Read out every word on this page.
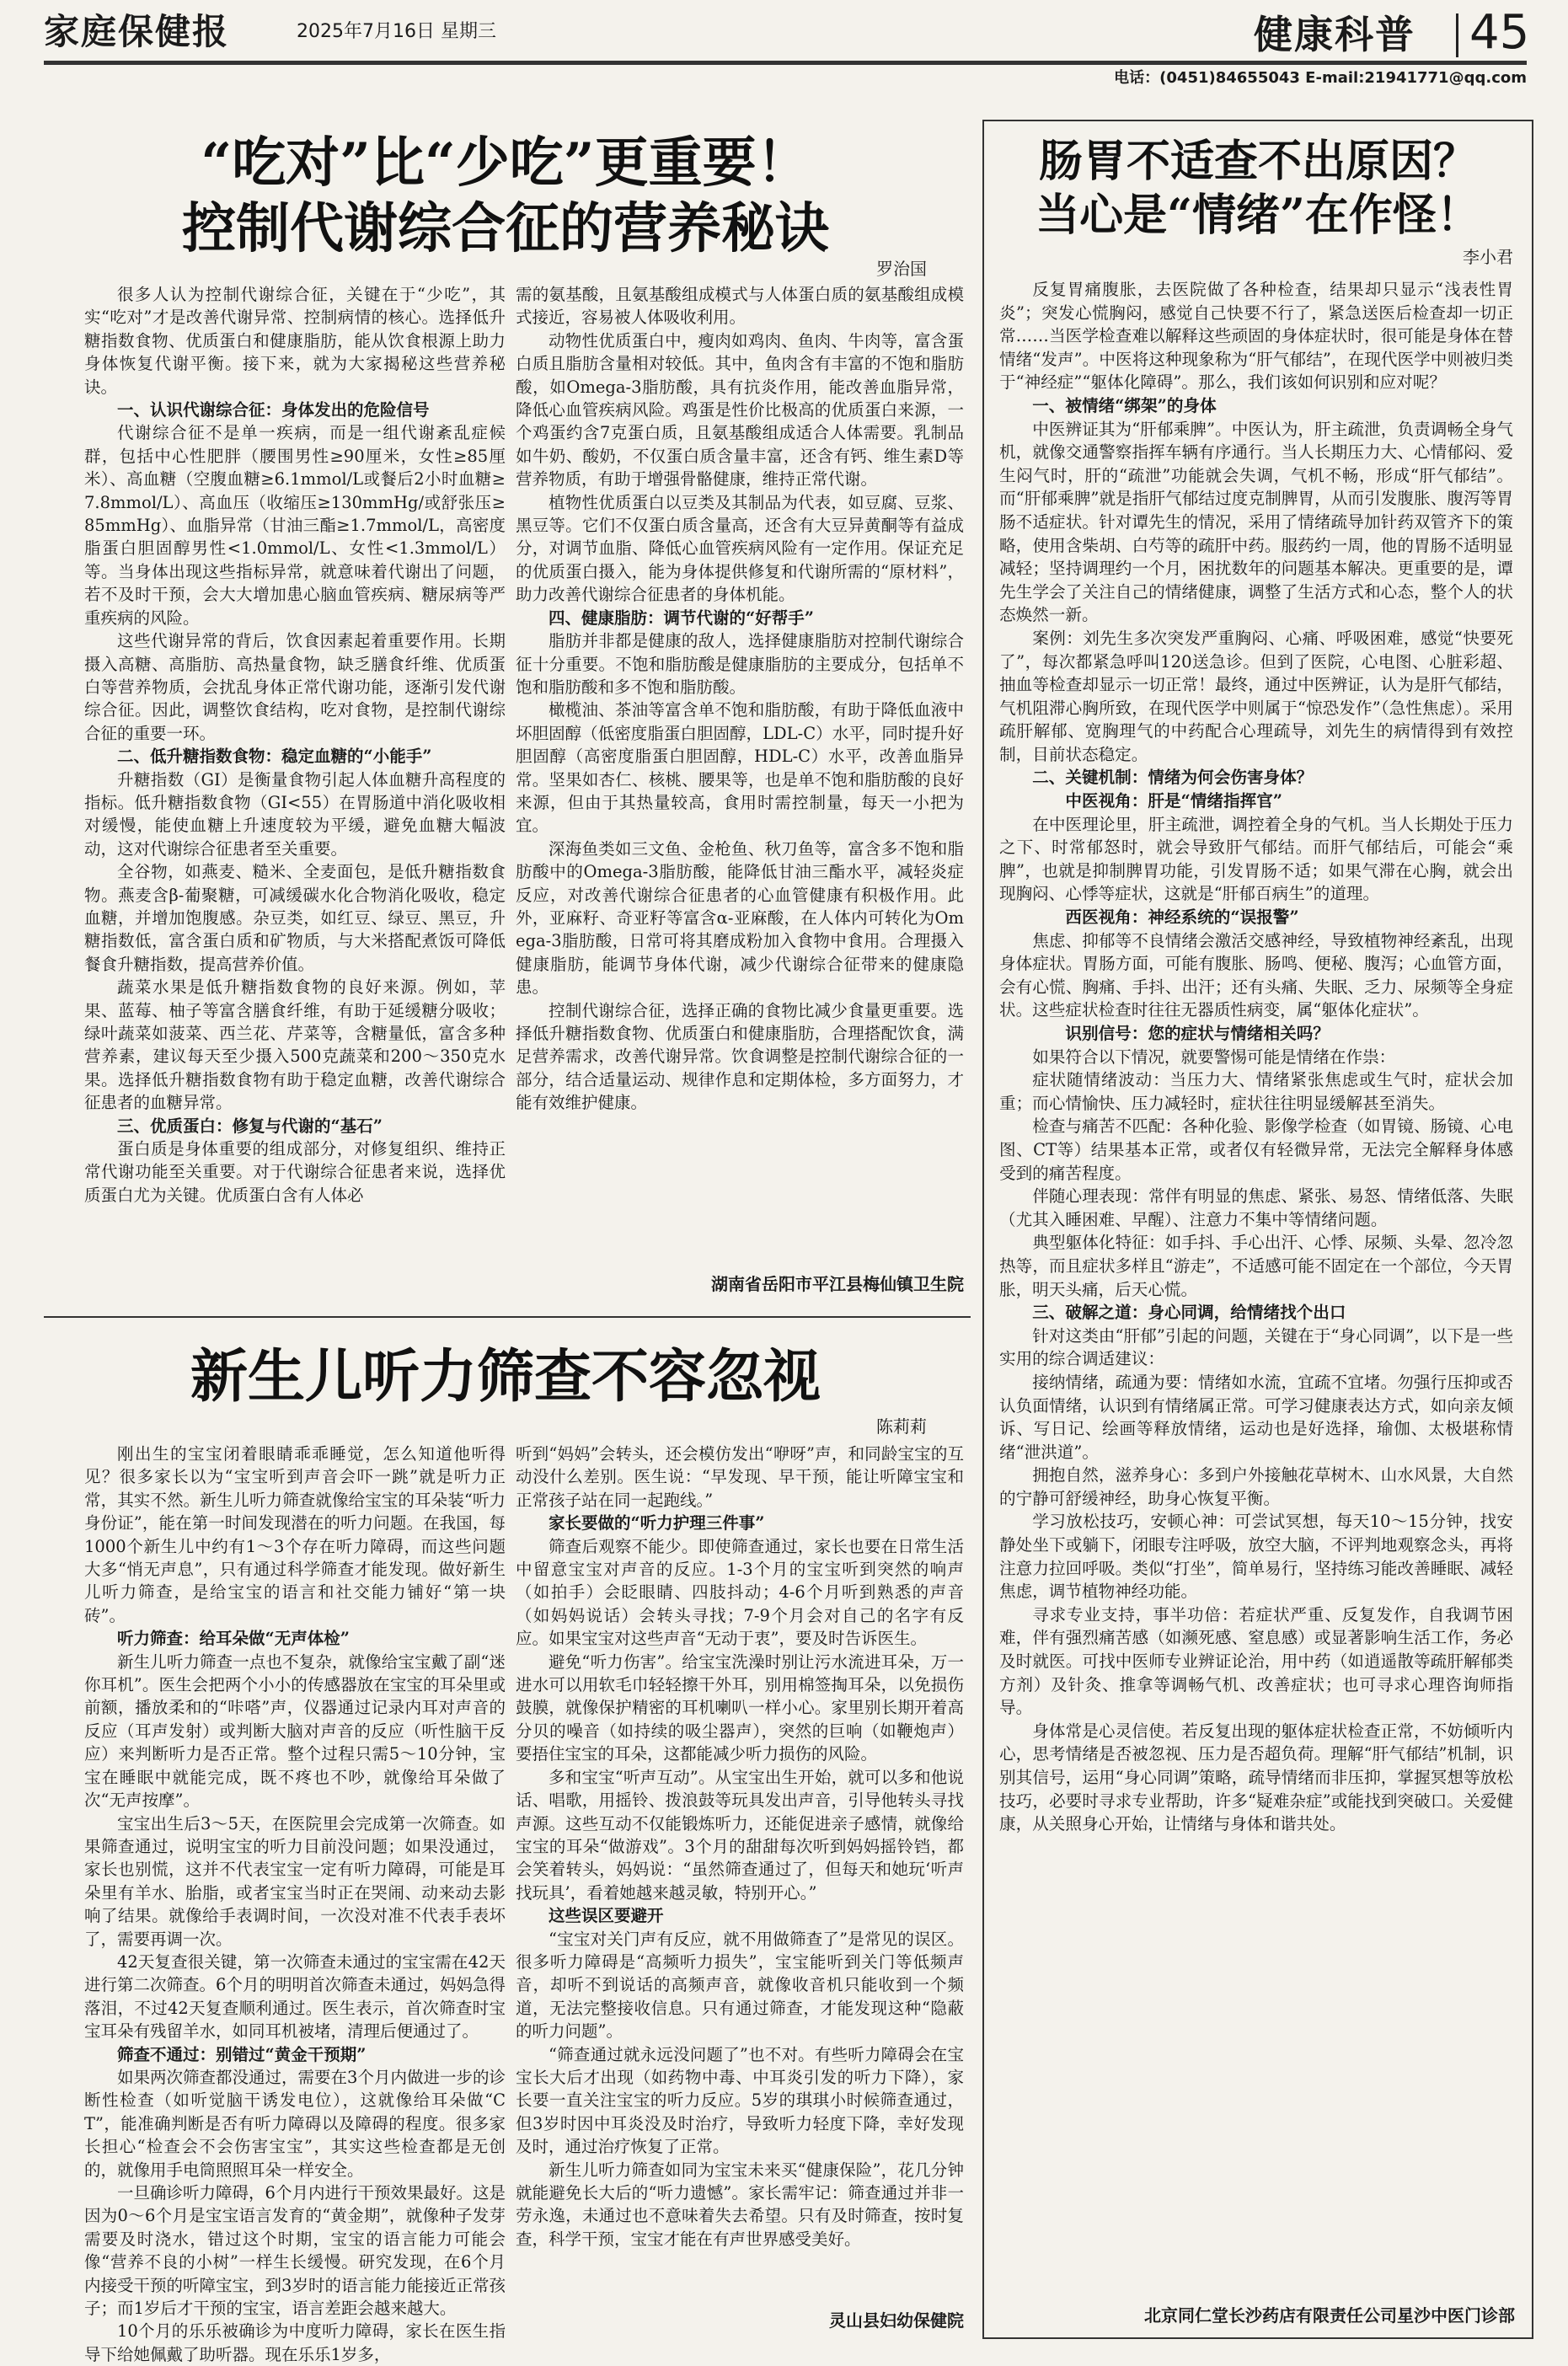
家庭保健报	2025年7月16日 星期三	健康科普 45
电话：(0451)84655043 E-mail:21941771@qq.com
“吃对”比“少吃”更重要！
控制代谢综合征的营养秘诀
罗治国

很多人认为控制代谢综合征，关键在于“少吃”，其实“吃对”才是改善代谢异常、控制病情的核心。选择低升糖指数食物、优质蛋白和健康脂肪，能从饮食根源上助力身体恢复代谢平衡。接下来，就为大家揭秘这些营养秘诀。

一、认识代谢综合征：身体发出的危险信号

代谢综合征不是单一疾病，而是一组代谢紊乱症候群，包括中心性肥胖（腰围男性≥90厘米，女性≥85厘米）、高血糖（空腹血糖≥6.1mmol/L或餐后2小时血糖≥7.8mmol/L）、高血压（收缩压≥130mmHg/或舒张压≥85mmHg）、血脂异常（甘油三酯≥1.7mmol/L，高密度脂蛋白胆固醇男性<1.0mmol/L、女性<1.3mmol/L）等。当身体出现这些指标异常，就意味着代谢出了问题，若不及时干预，会大大增加患心脑血管疾病、糖尿病等严重疾病的风险。

这些代谢异常的背后，饮食因素起着重要作用。长期摄入高糖、高脂肪、高热量食物，缺乏膳食纤维、优质蛋白等营养物质，会扰乱身体正常代谢功能，逐渐引发代谢综合征。因此，调整饮食结构，吃对食物，是控制代谢综合征的重要一环。

二、低升糖指数食物：稳定血糖的“小能手”

升糖指数（GI）是衡量食物引起人体血糖升高程度的指标。低升糖指数食物（GI<55）在胃肠道中消化吸收相对缓慢，能使血糖上升速度较为平缓，避免血糖大幅波动，这对代谢综合征患者至关重要。

全谷物，如燕麦、糙米、全麦面包，是低升糖指数食物。燕麦含β-葡聚糖，可减缓碳水化合物消化吸收，稳定血糖，并增加饱腹感。杂豆类，如红豆、绿豆、黑豆，升糖指数低，富含蛋白质和矿物质，与大米搭配煮饭可降低餐食升糖指数，提高营养价值。

蔬菜水果是低升糖指数食物的良好来源。例如，苹果、蓝莓、柚子等富含膳食纤维，有助于延缓糖分吸收；绿叶蔬菜如菠菜、西兰花、芹菜等，含糖量低，富含多种营养素，建议每天至少摄入500克蔬菜和200～350克水果。选择低升糖指数食物有助于稳定血糖，改善代谢综合征患者的血糖异常。

三、优质蛋白：修复与代谢的“基石”

蛋白质是身体重要的组成部分，对修复组织、维持正常代谢功能至关重要。对于代谢综合征患者来说，选择优质蛋白尤为关键。优质蛋白含有人体必

需的氨基酸，且氨基酸组成模式与人体蛋白质的氨基酸组成模式接近，容易被人体吸收利用。

动物性优质蛋白中，瘦肉如鸡肉、鱼肉、牛肉等，富含蛋白质且脂肪含量相对较低。其中，鱼肉含有丰富的不饱和脂肪酸，如Omega-3脂肪酸，具有抗炎作用，能改善血脂异常，降低心血管疾病风险。鸡蛋是性价比极高的优质蛋白来源，一个鸡蛋约含7克蛋白质，且氨基酸组成适合人体需要。乳制品如牛奶、酸奶，不仅蛋白质含量丰富，还含有钙、维生素D等营养物质，有助于增强骨骼健康，维持正常代谢。

植物性优质蛋白以豆类及其制品为代表，如豆腐、豆浆、黑豆等。它们不仅蛋白质含量高，还含有大豆异黄酮等有益成分，对调节血脂、降低心血管疾病风险有一定作用。保证充足的优质蛋白摄入，能为身体提供修复和代谢所需的“原材料”，助力改善代谢综合征患者的身体机能。

四、健康脂肪：调节代谢的“好帮手”

脂肪并非都是健康的敌人，选择健康脂肪对控制代谢综合征十分重要。不饱和脂肪酸是健康脂肪的主要成分，包括单不饱和脂肪酸和多不饱和脂肪酸。

橄榄油、茶油等富含单不饱和脂肪酸，有助于降低血液中坏胆固醇（低密度脂蛋白胆固醇，LDL-C）水平，同时提升好胆固醇（高密度脂蛋白胆固醇，HDL-C）水平，改善血脂异常。坚果如杏仁、核桃、腰果等，也是单不饱和脂肪酸的良好来源，但由于其热量较高，食用时需控制量，每天一小把为宜。

深海鱼类如三文鱼、金枪鱼、秋刀鱼等，富含多不饱和脂肪酸中的Omega-3脂肪酸，能降低甘油三酯水平，减轻炎症反应，对改善代谢综合征患者的心血管健康有积极作用。此外，亚麻籽、奇亚籽等富含α-亚麻酸，在人体内可转化为Omega-3脂肪酸，日常可将其磨成粉加入食物中食用。合理摄入健康脂肪，能调节身体代谢，减少代谢综合征带来的健康隐患。

控制代谢综合征，选择正确的食物比减少食量更重要。选择低升糖指数食物、优质蛋白和健康脂肪，合理搭配饮食，满足营养需求，改善代谢异常。饮食调整是控制代谢综合征的一部分，结合适量运动、规律作息和定期体检，多方面努力，才能有效维护健康。

湖南省岳阳市平江县梅仙镇卫生院
新生儿听力筛查不容忽视
陈莉莉

刚出生的宝宝闭着眼睛乖乖睡觉，怎么知道他听得见？很多家长以为“宝宝听到声音会吓一跳”就是听力正常，其实不然。新生儿听力筛查就像给宝宝的耳朵装“听力身份证”，能在第一时间发现潜在的听力问题。在我国，每1000个新生儿中约有1～3个存在听力障碍，而这些问题大多“悄无声息”，只有通过科学筛查才能发现。做好新生儿听力筛查，是给宝宝的语言和社交能力铺好“第一块砖”。

听力筛查：给耳朵做“无声体检”

新生儿听力筛查一点也不复杂，就像给宝宝戴了副“迷你耳机”。医生会把两个小小的传感器放在宝宝的耳朵里或前额，播放柔和的“咔嗒”声，仪器通过记录内耳对声音的反应（耳声发射）或判断大脑对声音的反应（听性脑干反应）来判断听力是否正常。整个过程只需5～10分钟，宝宝在睡眠中就能完成，既不疼也不吵，就像给耳朵做了次“无声按摩”。

宝宝出生后3～5天，在医院里会完成第一次筛查。如果筛查通过，说明宝宝的听力目前没问题；如果没通过，家长也别慌，这并不代表宝宝一定有听力障碍，可能是耳朵里有羊水、胎脂，或者宝宝当时正在哭闹、动来动去影响了结果。就像给手表调时间，一次没对准不代表手表坏了，需要再调一次。

42天复查很关键，第一次筛查未通过的宝宝需在42天进行第二次筛查。6个月的明明首次筛查未通过，妈妈急得落泪，不过42天复查顺利通过。医生表示，首次筛查时宝宝耳朵有残留羊水，如同耳机被堵，清理后便通过了。

筛查不通过：别错过“黄金干预期”

如果两次筛查都没通过，需要在3个月内做进一步的诊断性检查（如听觉脑干诱发电位），这就像给耳朵做“CT”，能准确判断是否有听力障碍以及障碍的程度。很多家长担心“检查会不会伤害宝宝”，其实这些检查都是无创的，就像用手电筒照照耳朵一样安全。

一旦确诊听力障碍，6个月内进行干预效果最好。这是因为0～6个月是宝宝语言发育的“黄金期”，就像种子发芽需要及时浇水，错过这个时期，宝宝的语言能力可能会像“营养不良的小树”一样生长缓慢。研究发现，在6个月内接受干预的听障宝宝，到3岁时的语言能力能接近正常孩子；而1岁后才干预的宝宝，语言差距会越来越大。

10个月的乐乐被确诊为中度听力障碍，家长在医生指导下给她佩戴了助听器。现在乐乐1岁多，

听到“妈妈”会转头，还会模仿发出“咿呀”声，和同龄宝宝的互动没什么差别。医生说：“早发现、早干预，能让听障宝宝和正常孩子站在同一起跑线。”

家长要做的“听力护理三件事”

筛查后观察不能少。即使筛查通过，家长也要在日常生活中留意宝宝对声音的反应。1-3个月的宝宝听到突然的响声（如拍手）会眨眼睛、四肢抖动；4-6个月听到熟悉的声音（如妈妈说话）会转头寻找；7-9个月会对自己的名字有反应。如果宝宝对这些声音“无动于衷”，要及时告诉医生。

避免“听力伤害”。给宝宝洗澡时别让污水流进耳朵，万一进水可以用软毛巾轻轻擦干外耳，别用棉签掏耳朵，以免损伤鼓膜，就像保护精密的耳机喇叭一样小心。家里别长期开着高分贝的噪音（如持续的吸尘器声），突然的巨响（如鞭炮声）要捂住宝宝的耳朵，这都能减少听力损伤的风险。

多和宝宝“听声互动”。从宝宝出生开始，就可以多和他说话、唱歌，用摇铃、拨浪鼓等玩具发出声音，引导他转头寻找声源。这些互动不仅能锻炼听力，还能促进亲子感情，就像给宝宝的耳朵“做游戏”。3个月的甜甜每次听到妈妈摇铃铛，都会笑着转头，妈妈说：“虽然筛查通过了，但每天和她玩‘听声找玩具’，看着她越来越灵敏，特别开心。”

这些误区要避开

“宝宝对关门声有反应，就不用做筛查了”是常见的误区。很多听力障碍是“高频听力损失”，宝宝能听到关门等低频声音，却听不到说话的高频声音，就像收音机只能收到一个频道，无法完整接收信息。只有通过筛查，才能发现这种“隐蔽的听力问题”。

“筛查通过就永远没问题了”也不对。有些听力障碍会在宝宝长大后才出现（如药物中毒、中耳炎引发的听力下降），家长要一直关注宝宝的听力反应。5岁的琪琪小时候筛查通过，但3岁时因中耳炎没及时治疗，导致听力轻度下降，幸好发现及时，通过治疗恢复了正常。

新生儿听力筛查如同为宝宝未来买“健康保险”，花几分钟就能避免长大后的“听力遗憾”。家长需牢记：筛查通过并非一劳永逸，未通过也不意味着失去希望。只有及时筛查，按时复查，科学干预，宝宝才能在有声世界感受美好。

灵山县妇幼保健院
肠胃不适查不出原因？
当心是“情绪”在作怪！
李小君

反复胃痛腹胀，去医院做了各种检查，结果却只显示“浅表性胃炎”；突发心慌胸闷，感觉自己快要不行了，紧急送医后检查却一切正常……当医学检查难以解释这些顽固的身体症状时，很可能是身体在替情绪“发声”。中医将这种现象称为“肝气郁结”，在现代医学中则被归类于“神经症”“躯体化障碍”。那么，我们该如何识别和应对呢？

一、被情绪“绑架”的身体

中医辨证其为“肝郁乘脾”。中医认为，肝主疏泄，负责调畅全身气机，就像交通警察指挥车辆有序通行。当人长期压力大、心情郁闷、爱生闷气时，肝的“疏泄”功能就会失调，气机不畅，形成“肝气郁结”。而“肝郁乘脾”就是指肝气郁结过度克制脾胃，从而引发腹胀、腹泻等胃肠不适症状。针对谭先生的情况，采用了情绪疏导加针药双管齐下的策略，使用含柴胡、白芍等的疏肝中药。服药约一周，他的胃肠不适明显减轻；坚持调理约一个月，困扰数年的问题基本解决。更重要的是，谭先生学会了关注自己的情绪健康，调整了生活方式和心态，整个人的状态焕然一新。

案例：刘先生多次突发严重胸闷、心痛、呼吸困难，感觉“快要死了”，每次都紧急呼叫120送急诊。但到了医院，心电图、心脏彩超、抽血等检查却显示一切正常！最终，通过中医辨证，认为是肝气郁结，气机阻滞心胸所致，在现代医学中则属于“惊恐发作”（急性焦虑）。采用疏肝解郁、宽胸理气的中药配合心理疏导，刘先生的病情得到有效控制，目前状态稳定。

二、关键机制：情绪为何会伤害身体？

中医视角：肝是“情绪指挥官”

在中医理论里，肝主疏泄，调控着全身的气机。当人长期处于压力之下、时常郁怒时，就会导致肝气郁结。而肝气郁结后，可能会“乘脾”，也就是抑制脾胃功能，引发胃肠不适；如果气滞在心胸，就会出现胸闷、心悸等症状，这就是“肝郁百病生”的道理。

西医视角：神经系统的“误报警”

焦虑、抑郁等不良情绪会激活交感神经，导致植物神经紊乱，出现身体症状。胃肠方面，可能有腹胀、肠鸣、便秘、腹泻；心血管方面，会有心慌、胸痛、手抖、出汗；还有头痛、失眠、乏力、尿频等全身症状。这些症状检查时往往无器质性病变，属“躯体化症状”。

识别信号：您的症状与情绪相关吗？

如果符合以下情况，就要警惕可能是情绪在作祟：

症状随情绪波动：当压力大、情绪紧张焦虑或生气时，症状会加重；而心情愉快、压力减轻时，症状往往明显缓解甚至消失。

检查与痛苦不匹配：各种化验、影像学检查（如胃镜、肠镜、心电图、CT等）结果基本正常，或者仅有轻微异常，无法完全解释身体感受到的痛苦程度。

伴随心理表现：常伴有明显的焦虑、紧张、易怒、情绪低落、失眠（尤其入睡困难、早醒）、注意力不集中等情绪问题。

典型躯体化特征：如手抖、手心出汗、心悸、尿频、头晕、忽冷忽热等，而且症状多样且“游走”，不适感可能不固定在一个部位，今天胃胀，明天头痛，后天心慌。

三、破解之道：身心同调，给情绪找个出口

针对这类由“肝郁”引起的问题，关键在于“身心同调”，以下是一些实用的综合调适建议：

接纳情绪，疏通为要：情绪如水流，宜疏不宜堵。勿强行压抑或否认负面情绪，认识到有情绪属正常。可学习健康表达方式，如向亲友倾诉、写日记、绘画等释放情绪，运动也是好选择，瑜伽、太极堪称情绪“泄洪道”。

拥抱自然，滋养身心：多到户外接触花草树木、山水风景，大自然的宁静可舒缓神经，助身心恢复平衡。

学习放松技巧，安顿心神：可尝试冥想，每天10～15分钟，找安静处坐下或躺下，闭眼专注呼吸，放空大脑，不评判地观察念头，再将注意力拉回呼吸。类似“打坐”，简单易行，坚持练习能改善睡眠、减轻焦虑，调节植物神经功能。

寻求专业支持，事半功倍：若症状严重、反复发作，自我调节困难，伴有强烈痛苦感（如濒死感、窒息感）或显著影响生活工作，务必及时就医。可找中医师专业辨证论治，用中药（如逍遥散等疏肝解郁类方剂）及针灸、推拿等调畅气机、改善症状；也可寻求心理咨询师指导。

身体常是心灵信使。若反复出现的躯体症状检查正常，不妨倾听内心，思考情绪是否被忽视、压力是否超负荷。理解“肝气郁结”机制，识别其信号，运用“身心同调”策略，疏导情绪而非压抑，掌握冥想等放松技巧，必要时寻求专业帮助，许多“疑难杂症”或能找到突破口。关爱健康，从关照身心开始，让情绪与身体和谐共处。

北京同仁堂长沙药店有限责任公司星沙中医门诊部
